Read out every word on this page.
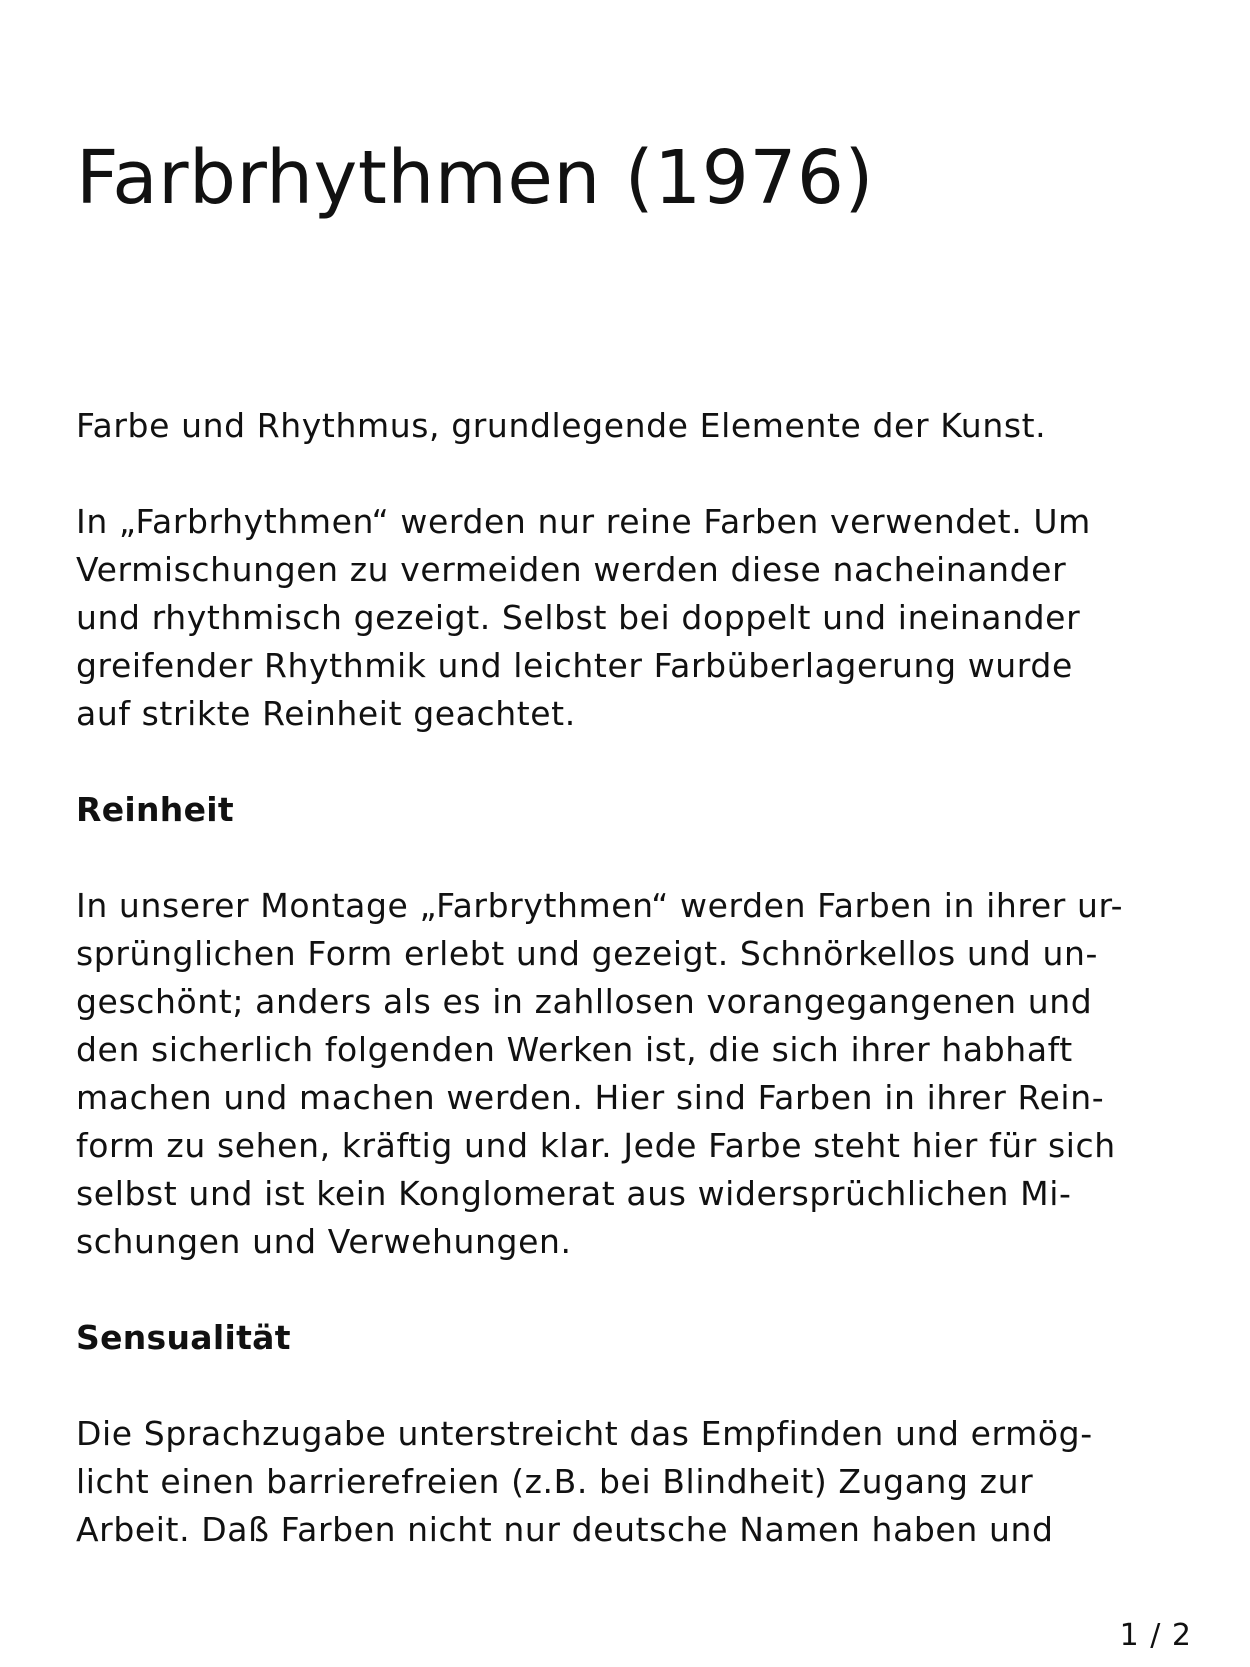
Farbrhythmen (1976)

Farbe und Rhythmus, grundlegende Elemente der Kunst.

In „Farbrhythmen“ werden nur reine Farben verwendet. Um
Vermischungen zu vermeiden werden diese nacheinander
und rhythmisch gezeigt. Selbst bei doppelt und ineinander
greifender Rhythmik und leichter Farbüberlagerung wurde
auf strikte Reinheit geachtet.

Reinheit

In unserer Montage „Farbrythmen“ werden Farben in ihrer ur-
sprünglichen Form erlebt und gezeigt. Schnörkellos und un-
geschönt; anders als es in zahllosen vorangegangenen und
den sicherlich folgenden Werken ist, die sich ihrer habhaft
machen und machen werden. Hier sind Farben in ihrer Rein-
form zu sehen, kräftig und klar. Jede Farbe steht hier für sich
selbst und ist kein Konglomerat aus widersprüchlichen Mi-
schungen und Verwehungen.

Sensualität

Die Sprachzugabe unterstreicht das Empfinden und ermög-
licht einen barrierefreien (z.B. bei Blindheit) Zugang zur
Arbeit. Daß Farben nicht nur deutsche Namen haben und

1 / 2
